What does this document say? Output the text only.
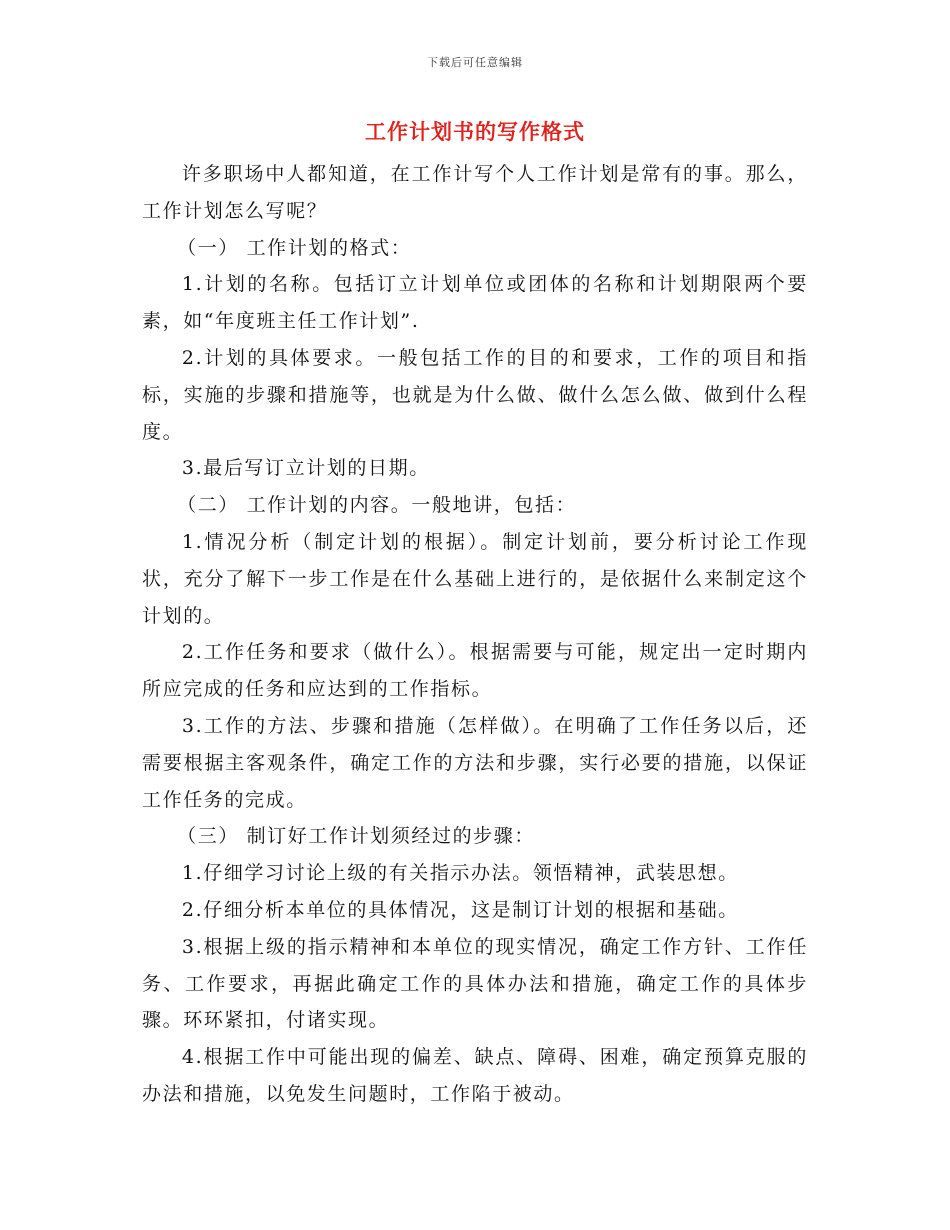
下载后可任意编辑
工作计划书的写作格式

许多职场中人都知道，在工作计写个人工作计划是常有的事。那么，工作计划怎么写呢？

（一） 工作计划的格式：

1.计划的名称。包括订立计划单位或团体的名称和计划期限两个要素，如“年度班主任工作计划”.

2.计划的具体要求。一般包括工作的目的和要求，工作的项目和指标，实施的步骤和措施等，也就是为什么做、做什么怎么做、做到什么程度。

3.最后写订立计划的日期。

（二） 工作计划的内容。一般地讲，包括：

1.情况分析（制定计划的根据）。制定计划前，要分析讨论工作现状，充分了解下一步工作是在什么基础上进行的，是依据什么来制定这个计划的。

2.工作任务和要求（做什么）。根据需要与可能，规定出一定时期内所应完成的任务和应达到的工作指标。

3.工作的方法、步骤和措施（怎样做）。在明确了工作任务以后，还需要根据主客观条件，确定工作的方法和步骤，实行必要的措施，以保证工作任务的完成。

（三） 制订好工作计划须经过的步骤：

1.仔细学习讨论上级的有关指示办法。领悟精神，武装思想。

2.仔细分析本单位的具体情况，这是制订计划的根据和基础。

3.根据上级的指示精神和本单位的现实情况，确定工作方针、工作任务、工作要求，再据此确定工作的具体办法和措施，确定工作的具体步骤。环环紧扣，付诸实现。

4.根据工作中可能出现的偏差、缺点、障碍、困难，确定预算克服的办法和措施，以免发生问题时，工作陷于被动。
